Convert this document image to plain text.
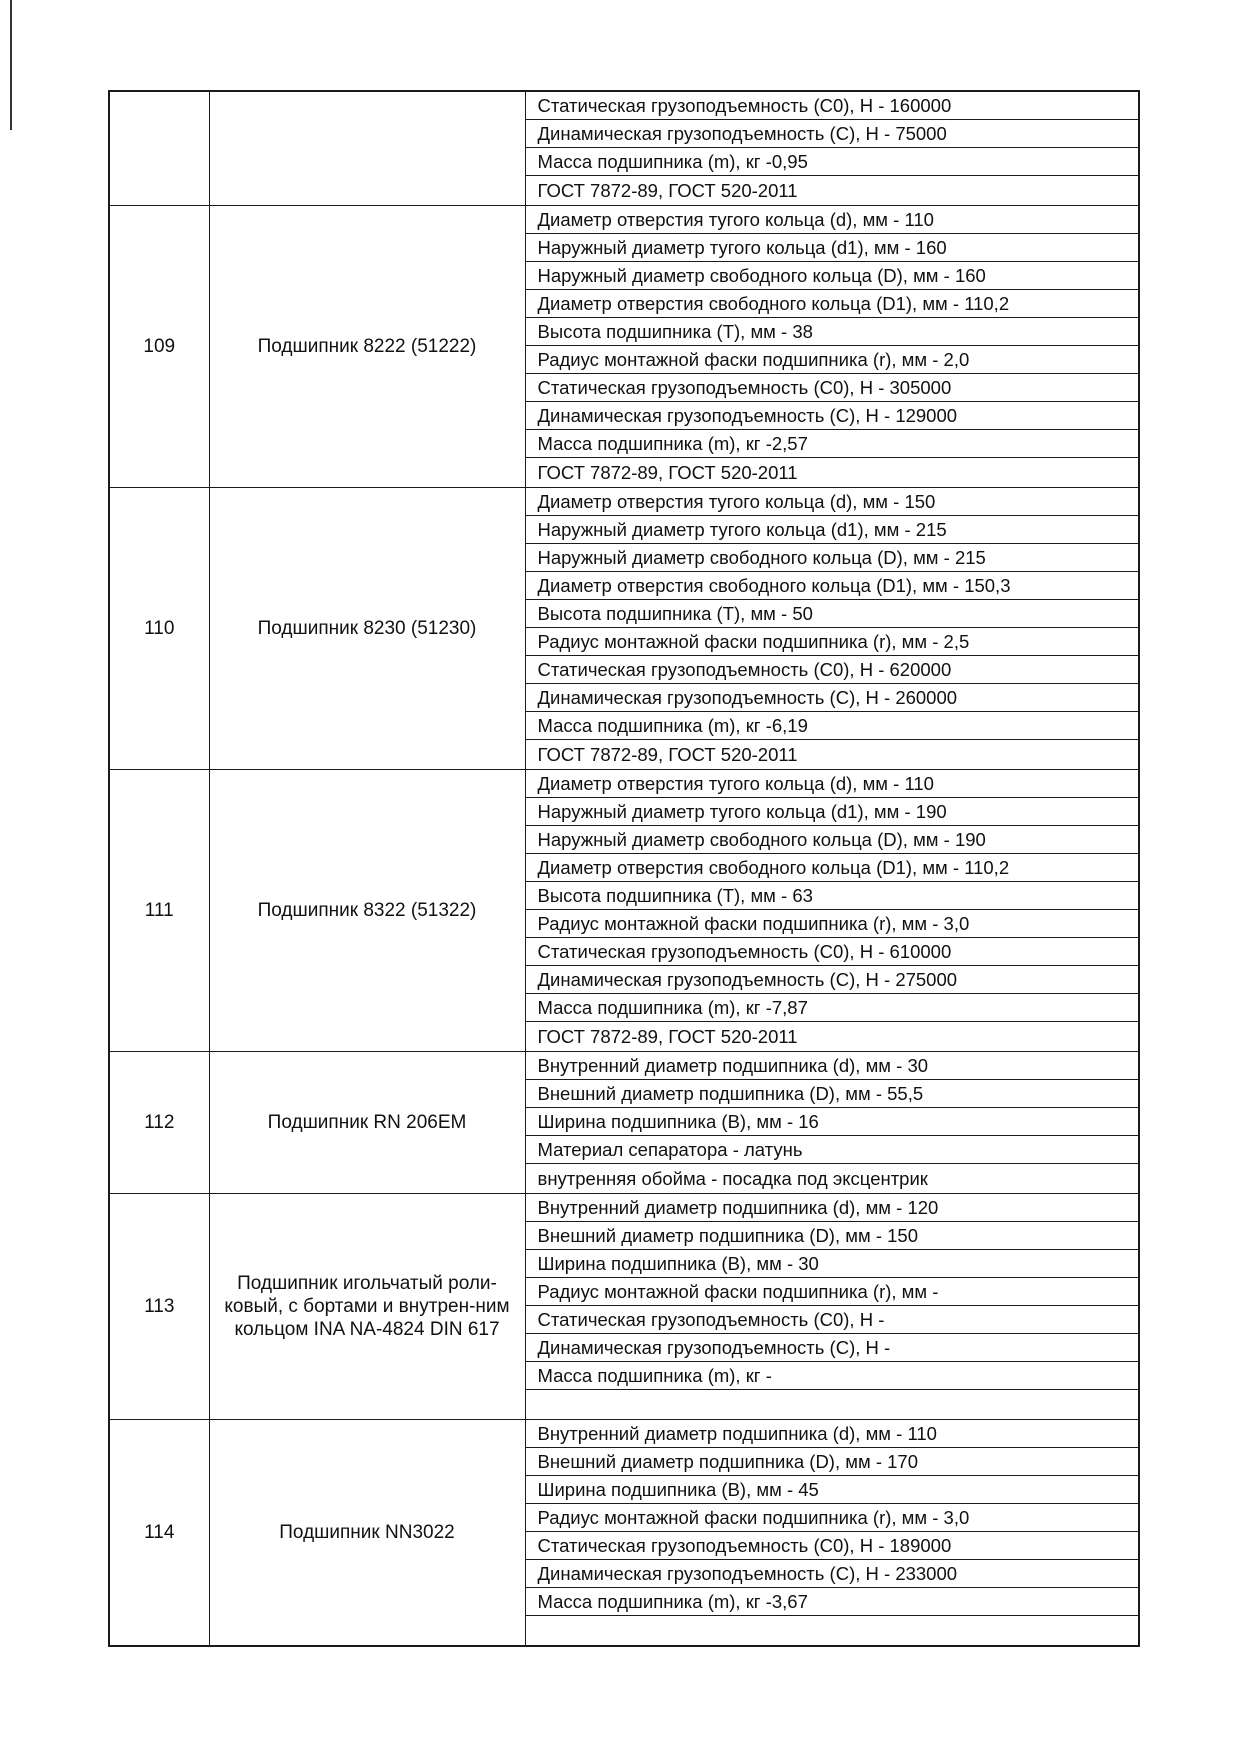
		Статическая грузоподъемность (С0), Н - 160000
		Динамическая грузоподъемность (С), Н - 75000
		Масса подшипника (m), кг -0,95
		ГОСТ 7872-89, ГОСТ 520-2011
109	Подшипник 8222 (51222)	Диаметр отверстия тугого кольца (d), мм - 110
		Наружный диаметр тугого кольца (d1), мм - 160
		Наружный диаметр свободного кольца (D), мм - 160
		Диаметр отверстия свободного кольца (D1), мм - 110,2
		Высота подшипника (Т), мм - 38
		Радиус монтажной фаски подшипника (r), мм - 2,0
		Статическая грузоподъемность (С0), Н - 305000
		Динамическая грузоподъемность (С), Н - 129000
		Масса подшипника (m), кг -2,57
		ГОСТ 7872-89, ГОСТ 520-2011
110	Подшипник 8230 (51230)	Диаметр отверстия тугого кольца (d), мм - 150
		Наружный диаметр тугого кольца (d1), мм - 215
		Наружный диаметр свободного кольца (D), мм - 215
		Диаметр отверстия свободного кольца (D1), мм - 150,3
		Высота подшипника (Т), мм - 50
		Радиус монтажной фаски подшипника (r), мм - 2,5
		Статическая грузоподъемность (С0), Н - 620000
		Динамическая грузоподъемность (С), Н - 260000
		Масса подшипника (m), кг -6,19
		ГОСТ 7872-89, ГОСТ 520-2011
111	Подшипник 8322 (51322)	Диаметр отверстия тугого кольца (d), мм - 110
		Наружный диаметр тугого кольца (d1), мм - 190
		Наружный диаметр свободного кольца (D), мм - 190
		Диаметр отверстия свободного кольца (D1), мм - 110,2
		Высота подшипника (Т), мм - 63
		Радиус монтажной фаски подшипника (r), мм - 3,0
		Статическая грузоподъемность (С0), Н - 610000
		Динамическая грузоподъемность (С), Н - 275000
		Масса подшипника (m), кг -7,87
		ГОСТ 7872-89, ГОСТ 520-2011
112	Подшипник RN 206EM	Внутренний диаметр подшипника (d), мм - 30
		Внешний диаметр подшипника (D), мм - 55,5
		Ширина подшипника (В), мм - 16
		Материал сепаратора - латунь
		внутренняя обойма - посадка под эксцентрик
113	Подшипник игольчатый роли-ковый, с бортами и внутрен-ним кольцом INA NA-4824 DIN 617	Внутренний диаметр подшипника (d), мм - 120
		Внешний диаметр подшипника (D), мм - 150
		Ширина подшипника (В), мм - 30
		Радиус монтажной фаски подшипника (r), мм -
		Статическая грузоподъемность (С0), Н -
		Динамическая грузоподъемность (С), Н -
		Масса подшипника (m), кг -

114	Подшипник NN3022	Внутренний диаметр подшипника (d), мм - 110
		Внешний диаметр подшипника (D), мм - 170
		Ширина подшипника (В), мм - 45
		Радиус монтажной фаски подшипника (r), мм - 3,0
		Статическая грузоподъемность (С0), Н - 189000
		Динамическая грузоподъемность (С), Н - 233000
		Масса подшипника (m), кг -3,67
